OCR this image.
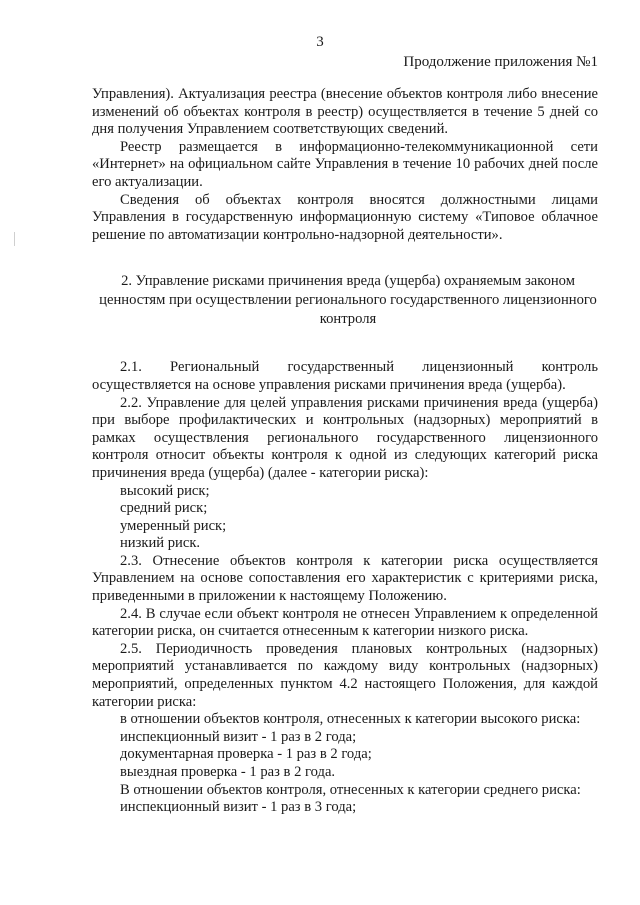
3
Продолжение приложения №1

Управления). Актуализация реестра (внесение объектов контроля либо внесение изменений об объектах контроля в реестр) осуществляется в течение 5 дней со дня получения Управлением соответствующих сведений.

Реестр размещается в информационно-телекоммуникационной сети «Интернет» на официальном сайте Управления в течение 10 рабочих дней после его актуализации.

Сведения об объектах контроля вносятся должностными лицами Управления в государственную информационную систему «Типовое облачное решение по автоматизации контрольно-надзорной деятельности».

2. Управление рисками причинения вреда (ущерба) охраняемым законом ценностям при осуществлении регионального государственного лицензионного контроля

2.1. Региональный государственный лицензионный контроль осуществляется на основе управления рисками причинения вреда (ущерба).

2.2. Управление для целей управления рисками причинения вреда (ущерба) при выборе профилактических и контрольных (надзорных) мероприятий в рамках осуществления регионального государственного лицензионного контроля относит объекты контроля к одной из следующих категорий риска причинения вреда (ущерба) (далее - категории риска):

высокий риск;

средний риск;

умеренный риск;

низкий риск.

2.3. Отнесение объектов контроля к категории риска осуществляется Управлением на основе сопоставления его характеристик с критериями риска, приведенными в приложении к настоящему Положению.

2.4. В случае если объект контроля не отнесен Управлением к определенной категории риска, он считается отнесенным к категории низкого риска.

2.5. Периодичность проведения плановых контрольных (надзорных) мероприятий устанавливается по каждому виду контрольных (надзорных) мероприятий, определенных пунктом 4.2 настоящего Положения, для каждой категории риска:

в отношении объектов контроля, отнесенных к категории высокого риска:

инспекционный визит - 1 раз в 2 года;

документарная проверка - 1 раз в 2 года;

выездная проверка - 1 раз в 2 года.

В отношении объектов контроля, отнесенных к категории среднего риска:

инспекционный визит - 1 раз в 3 года;
